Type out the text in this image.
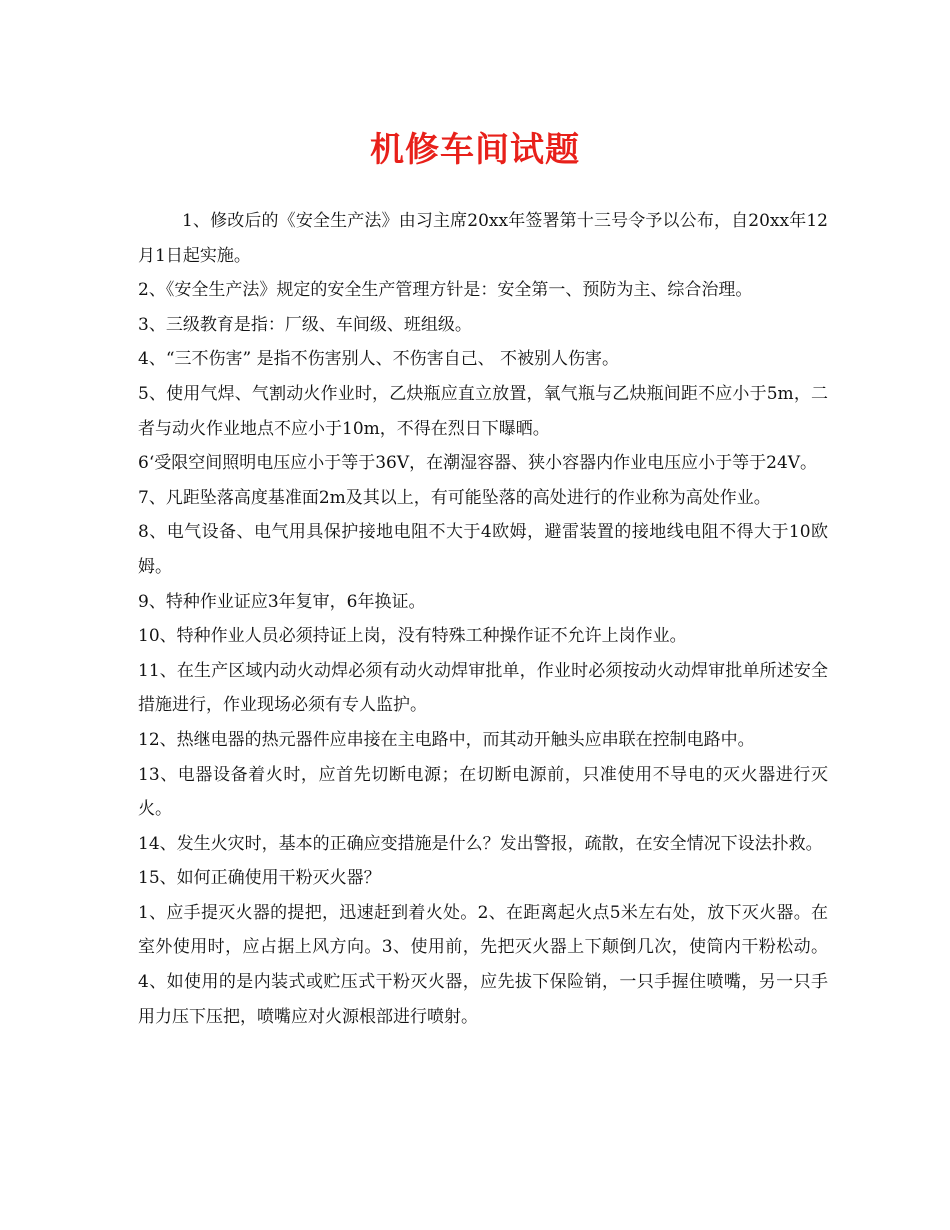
机修车间试题

1、修改后的《安全生产法》由习主席20xx年签署第十三号令予以公布，自20xx年12月1日起实施。

2、《安全生产法》规定的安全生产管理方针是：安全第一、预防为主、综合治理。

3、三级教育是指：厂级、车间级、班组级。

4、“三不伤害” 是指不伤害别人、不伤害自己、 不被别人伤害。

5、使用气焊、气割动火作业时，乙炔瓶应直立放置，氧气瓶与乙炔瓶间距不应小于5m，二者与动火作业地点不应小于10m，不得在烈日下曝晒。

6‘受限空间照明电压应小于等于36V，在潮湿容器、狭小容器内作业电压应小于等于24V。

7、凡距坠落高度基准面2m及其以上，有可能坠落的高处进行的作业称为高处作业。

8、电气设备、电气用具保护接地电阻不大于4欧姆，避雷装置的接地线电阻不得大于10欧姆。

9、特种作业证应3年复审，6年换证。

10、特种作业人员必须持证上岗，没有特殊工种操作证不允许上岗作业。

11、在生产区域内动火动焊必须有动火动焊审批单，作业时必须按动火动焊审批单所述安全措施进行，作业现场必须有专人监护。

12、热继电器的热元器件应串接在主电路中，而其动开触头应串联在控制电路中。

13、电器设备着火时，应首先切断电源；在切断电源前，只准使用不导电的灭火器进行灭火。

14、发生火灾时，基本的正确应变措施是什么？发出警报，疏散，在安全情况下设法扑救。

15、如何正确使用干粉灭火器？

1、应手提灭火器的提把，迅速赶到着火处。2、在距离起火点5米左右处，放下灭火器。在室外使用时，应占据上风方向。3、使用前，先把灭火器上下颠倒几次，使筒内干粉松动。4、如使用的是内装式或贮压式干粉灭火器，应先拔下保险销，一只手握住喷嘴，另一只手用力压下压把，喷嘴应对火源根部进行喷射。
